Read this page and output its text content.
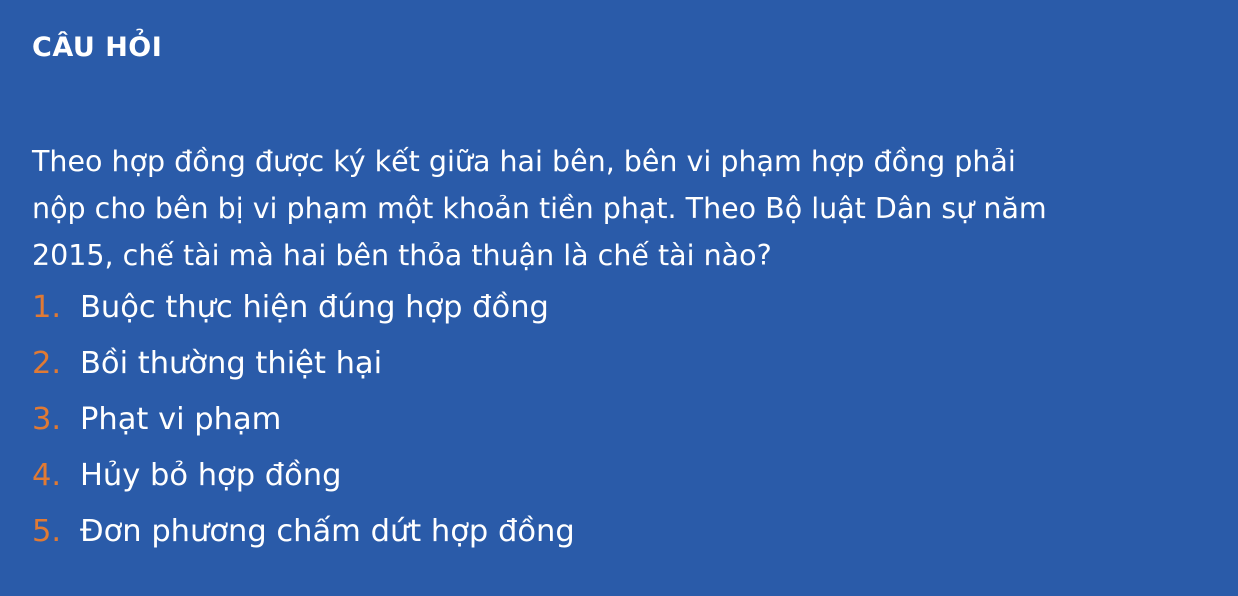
CÂU HỎI

Theo hợp đồng được ký kết giữa hai bên, bên vi phạm hợp đồng phải
nộp cho bên bị vi phạm một khoản tiền phạt. Theo Bộ luật Dân sự năm
2015, chế tài mà hai bên thỏa thuận là chế tài nào?

1. Buộc thực hiện đúng hợp đồng
2. Bồi thường thiệt hại
3. Phạt vi phạm
4. Hủy bỏ hợp đồng
5. Đơn phương chấm dứt hợp đồng
